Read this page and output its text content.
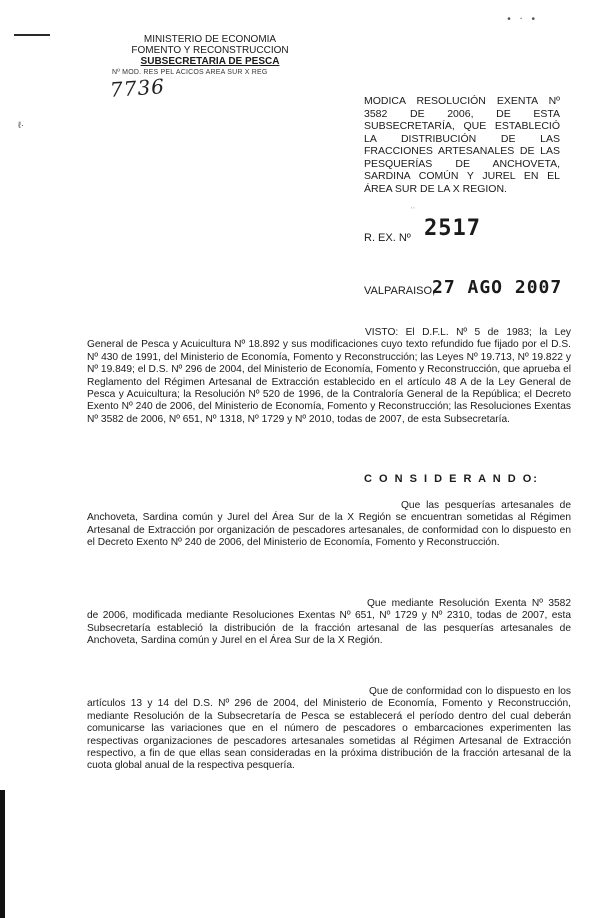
• ‧ •
MINISTERIO DE ECONOMIA
FOMENTO Y RECONSTRUCCION
SUBSECRETARIA DE PESCA
Nº MOD. RES PEL ACICOS AREA SUR X REG
7736
ℓ·
MODICA RESOLUCIÓN EXENTA Nº 3582 DE 2006, DE ESTA SUBSECRETARÍA, QUE ESTABLECIÓ LA DISTRIBUCIÓN DE LAS FRACCIONES ARTESANALES DE LAS PESQUERÍAS DE ANCHOVETA, SARDINA COMÚN Y JUREL EN EL ÁREA SUR DE LA X REGION.
ˈˈ
R. EX. Nº 2517
VALPARAISO,
27 AGO 2007
VISTO: El D.F.L. Nº 5 de 1983; la Ley General de Pesca y Acuicultura Nº 18.892 y sus modificaciones cuyo texto refundido fue fijado por el D.S. Nº 430 de 1991, del Ministerio de Economía, Fomento y Reconstrucción; las Leyes Nº 19.713, Nº 19.822 y Nº 19.849; el D.S. Nº 296 de 2004, del Ministerio de Economía, Fomento y Reconstrucción, que aprueba el Reglamento del Régimen Artesanal de Extracción establecido en el artículo 48 A de la Ley General de Pesca y Acuicultura; la Resolución Nº 520 de 1996, de la Contraloría General de la República; el Decreto Exento Nº 240 de 2006, del Ministerio de Economía, Fomento y Reconstrucción; las Resoluciones Exentas Nº 3582 de 2006, Nº 651, Nº 1318, Nº 1729 y Nº 2010, todas de 2007, de esta Subsecretaría.
C O N S I D E R A N D O:
Que las pesquerías artesanales de Anchoveta, Sardina común y Jurel del Área Sur de la X Región se encuentran sometidas al Régimen Artesanal de Extracción por organización de pescadores artesanales, de conformidad con lo dispuesto en el Decreto Exento Nº 240 de 2006, del Ministerio de Economía, Fomento y Reconstrucción.
Que mediante Resolución Exenta Nº 3582 de 2006, modificada mediante Resoluciones Exentas Nº 651, Nº 1729 y Nº 2310, todas de 2007, esta Subsecretaría estableció la distribución de la fracción artesanal de las pesquerías artesanales de Anchoveta, Sardina común y Jurel en el Área Sur de la X Región.
Que de conformidad con lo dispuesto en los artículos 13 y 14 del D.S. Nº 296 de 2004, del Ministerio de Economía, Fomento y Reconstrucción, mediante Resolución de la Subsecretaría de Pesca se establecerá el período dentro del cual deberán comunicarse las variaciones que en el número de pescadores o embarcaciones experimenten las respectivas organizaciones de pescadores artesanales sometidas al Régimen Artesanal de Extracción respectivo, a fin de que ellas sean consideradas en la próxima distribución de la fracción artesanal de la cuota global anual de la respectiva pesquería.
